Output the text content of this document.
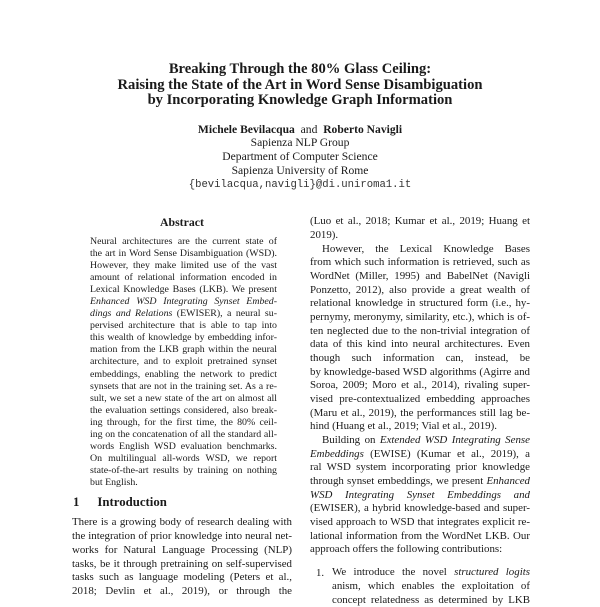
Breaking Through the 80% Glass Ceiling:
Raising the State of the Art in Word Sense Disambiguation
by Incorporating Knowledge Graph Information
Michele Bevilacqua and Roberto Navigli
Sapienza NLP Group
Department of Computer Science
Sapienza University of Rome
{bevilacqua,navigli}@di.uniroma1.it
Abstract
Neural architectures are the current state of
the art in Word Sense Disambiguation (WSD).
However, they make limited use of the vast
amount of relational information encoded in
Lexical Knowledge Bases (LKB). We present
Enhanced WSD Integrating Synset Embed-
dings and Relations (EWISER), a neural su-
pervised architecture that is able to tap into
this wealth of knowledge by embedding infor-
mation from the LKB graph within the neural
architecture, and to exploit pretrained synset
embeddings, enabling the network to predict
synsets that are not in the training set. As a re-
sult, we set a new state of the art on almost all
the evaluation settings considered, also break-
ing through, for the first time, the 80% ceil-
ing on the concatenation of all the standard all-
words English WSD evaluation benchmarks.
On multilingual all-words WSD, we report
state-of-the-art results by training on nothing
but English.
1 Introduction
There is a growing body of research dealing with
the integration of prior knowledge into neural net-
works for Natural Language Processing (NLP)
tasks, be it through pretraining on self-supervised
tasks such as language modeling (Peters et al.,
2018; Devlin et al., 2019), or through the
(Luo et al., 2018; Kumar et al., 2019; Huang et
2019).
However, the Lexical Knowledge Bases
from which such information is retrieved, such as
WordNet (Miller, 1995) and BabelNet (Navigli
Ponzetto, 2012), also provide a great wealth of
relational knowledge in structured form (i.e., hy-
pernymy, meronymy, similarity, etc.), which is of-
ten neglected due to the non-trivial integration of
data of this kind into neural architectures. Even
though such information can, instead, be
by knowledge-based WSD algorithms (Agirre and
Soroa, 2009; Moro et al., 2014), rivaling super-
vised pre-contextualized embedding approaches
(Maru et al., 2019), the performances still lag be-
hind (Huang et al., 2019; Vial et al., 2019).
Building on Extended WSD Integrating Sense
Embeddings (EWISE) (Kumar et al., 2019), a
ral WSD system incorporating prior knowledge
through synset embeddings, we present Enhanced
WSD Integrating Synset Embeddings and
(EWISER), a hybrid knowledge-based and super-
vised approach to WSD that integrates explicit re-
lational information from the WordNet LKB. Our
approach offers the following contributions:
1. We introduce the novel structured logits
anism, which enables the exploitation of
concept relatedness as determined by LKB
